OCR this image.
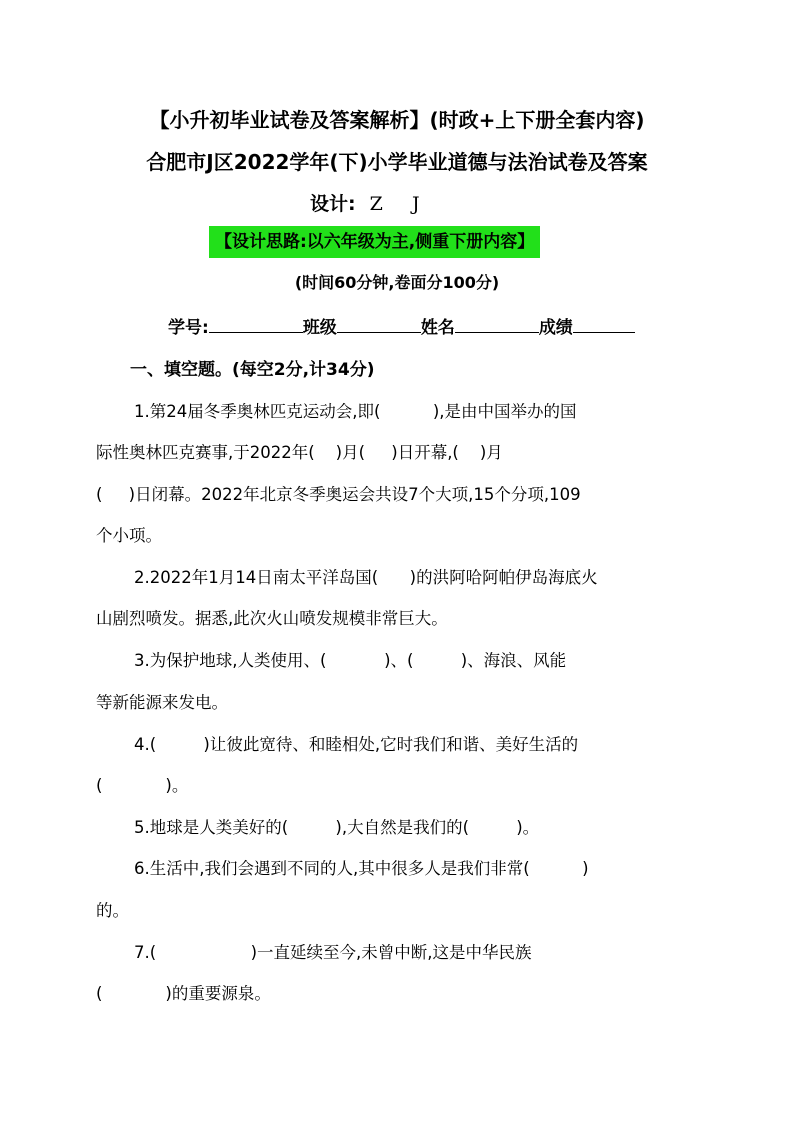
【小升初毕业试卷及答案解析】(时政+上下册全套内容)
合肥市J区2022学年(下)小学毕业道德与法治试卷及答案
设计: Z    J
【设计思路:以六年级为主,侧重下册内容】
(时间60分钟,卷面分100分)
学号:	班级	姓名	成绩
一、填空题。(每空2分,计34分)
1.第24届冬季奥林匹克运动会,即(          ),是由中国举办的国
际性奥林匹克赛事,于2022年(    )月(     )日开幕,(    )月
(     )日闭幕。2022年北京冬季奥运会共设7个大项,15个分项,109
个小项。
2.2022年1月14日南太平洋岛国(      )的洪阿哈阿帕伊岛海底火
山剧烈喷发。据悉,此次火山喷发规模非常巨大。
3.为保护地球,人类使用、(           )、(         )、海浪、风能
等新能源来发电。
4.(         )让彼此宽待、和睦相处,它时我们和谐、美好生活的
(            )。
5.地球是人类美好的(         ),大自然是我们的(         )。
6.生活中,我们会遇到不同的人,其中很多人是我们非常(          )
的。
7.(                  )一直延续至今,未曾中断,这是中华民族
(            )的重要源泉。
